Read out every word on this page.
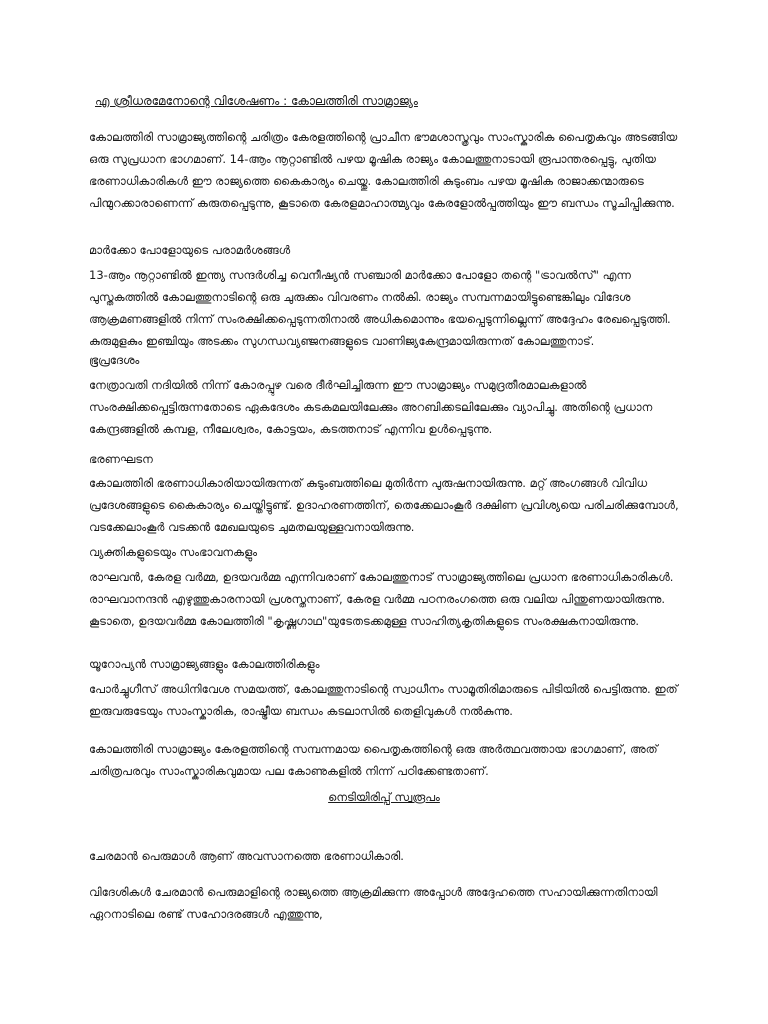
എ ശ്രീധരമേനോന്റെ വിശേഷണം : കോലത്തിരി സാമ്രാജ്യം

കോലത്തിരി സാമ്രാജ്യത്തിന്റെ ചരിത്രം കേരളത്തിന്റെ പ്രാചീന ഭൗമശാസ്ത്രവും സാംസ്കാരിക പൈതൃകവും അടങ്ങിയ ഒരു സുപ്രധാന ഭാഗമാണ്. 14-ആം നൂറ്റാണ്ടിൽ പഴയ മൂഷിക രാജ്യം കോലത്തുനാടായി രൂപാന്തരപ്പെട്ടു, പുതിയ ഭരണാധികാരികൾ ഈ രാജ്യത്തെ കൈകാര്യം ചെയ്തു. കോലത്തിരി കുടുംബം പഴയ മൂഷിക രാജാക്കന്മാരുടെ പിന്മുറക്കാരാണെന്ന് കരുതപ്പെടുന്നു, കൂടാതെ കേരളമാഹാത്മ്യവും കേരളോൽപ്പത്തിയും ഈ ബന്ധം സൂചിപ്പിക്കുന്നു.

മാർക്കോ പോളോയുടെ പരാമർശങ്ങൾ

13-ആം നൂറ്റാണ്ടിൽ ഇന്ത്യ സന്ദർശിച്ച വെനീഷ്യൻ സഞ്ചാരി മാർക്കോ പോളോ തന്റെ "ട്രാവൽസ്" എന്ന പുസ്തകത്തിൽ കോലത്തുനാടിന്റെ ഒരു ചുരുക്കം വിവരണം നൽകി. രാജ്യം സമ്പന്നമായിട്ടുണ്ടെങ്കിലും വിദേശ ആക്രമണങ്ങളിൽ നിന്ന് സംരക്ഷിക്കപ്പെടുന്നതിനാൽ അധികമൊന്നും ഭയപ്പെടുന്നില്ലെന്ന് അദ്ദേഹം രേഖപ്പെടുത്തി. കുരുമുളകും ഇഞ്ചിയും അടക്കം സുഗന്ധവ്യഞ്ജനങ്ങളുടെ വാണിജ്യകേന്ദ്രമായിരുന്നത് കോലത്തുനാട്.

ഭൂപ്രദേശം

നേത്രാവതി നദിയിൽ നിന്ന് കോരപ്പുഴ വരെ ദീർഘിച്ചിരുന്ന ഈ സാമ്രാജ്യം സമുദ്രതീരമാലകളാൽ സംരക്ഷിക്കപ്പെട്ടിരുന്നതോടെ ഏകദേശം കടകമലയിലേക്കും അറബിക്കടലിലേക്കും വ്യാപിച്ചു. അതിന്റെ പ്രധാന കേന്ദ്രങ്ങളിൽ കമ്പള, നീലേശ്വരം, കോട്ടയം, കടത്തനാട് എന്നിവ ഉൾപ്പെടുന്നു.

ഭരണഘടന

കോലത്തിരി ഭരണാധികാരിയായിരുന്നത് കുടുംബത്തിലെ മുതിർന്ന പുരുഷനായിരുന്നു. മറ്റ് അംഗങ്ങൾ വിവിധ പ്രദേശങ്ങളുടെ കൈകാര്യം ചെയ്തിട്ടുണ്ട്. ഉദാഹരണത്തിന്, തെക്കേലാംകൂർ ദക്ഷിണ പ്രവിശ്യയെ പരിചരിക്കുമ്പോൾ, വടക്കേലാംകൂർ വടക്കൻ മേഖലയുടെ ചുമതലയുള്ളവനായിരുന്നു.

വ്യക്തികളുടെയും സംഭാവനകളും

രാഘവൻ, കേരള വർമ്മ, ഉദയവർമ്മ എന്നിവരാണ് കോലത്തുനാട് സാമ്രാജ്യത്തിലെ പ്രധാന ഭരണാധികാരികൾ. രാഘവാനന്ദൻ എഴുത്തുകാരനായി പ്രശസ്തനാണ്, കേരള വർമ്മ പഠനരംഗത്തെ ഒരു വലിയ പിന്തുണയായിരുന്നു. കൂടാതെ, ഉദയവർമ്മ കോലത്തിരി "കൃഷ്ണഗാഥ"യുടേതടക്കമുള്ള സാഹിത്യകൃതികളുടെ സംരക്ഷകനായിരുന്നു.

യൂറോപ്യൻ സാമ്രാജ്യങ്ങളും കോലത്തിരികളും

പോർച്ചുഗീസ് അധിനിവേശ സമയത്ത്, കോലത്തുനാടിന്റെ സ്വാധീനം സാമൂതിരിമാരുടെ പിടിയിൽ പെട്ടിരുന്നു. ഇത് ഇരുവരുടേയും സാംസ്കാരിക, രാഷ്ട്രീയ ബന്ധം കടലാസിൽ തെളിവുകൾ നൽകുന്നു.

കോലത്തിരി സാമ്രാജ്യം കേരളത്തിന്റെ സമ്പന്നമായ പൈതൃകത്തിന്റെ ഒരു അർത്ഥവത്തായ ഭാഗമാണ്, അത് ചരിത്രപരവും സാംസ്കാരികവുമായ പല കോണുകളിൽ നിന്ന് പഠിക്കേണ്ടതാണ്.

നെടിയിരിപ്പ് സ്വരൂപം

ചേരമാൻ പെരുമാൾ ആണ് അവസാനത്തെ ഭരണാധികാരി.

വിദേശികൾ ചേരമാൻ പെരുമാളിന്റെ രാജ്യത്തെ ആക്രമിക്കുന്ന അപ്പോൾ അദ്ദേഹത്തെ സഹായിക്കുന്നതിനായി ഏറനാടിലെ രണ്ട് സഹോദരങ്ങൾ എത്തുന്നു,
